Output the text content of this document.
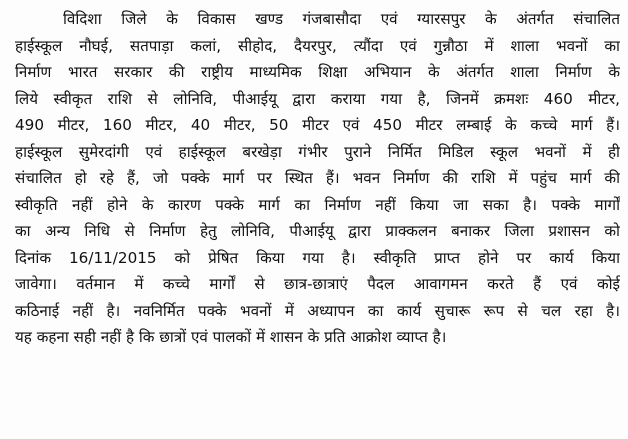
विदिशा जिले के विकास खण्ड गंजबासौदा एवं ग्यारसपुर के अंतर्गत संचालित
हाईस्कूल नौघई, सतपाड़ा कलां, सीहोद, दैयरपुर, त्यौंदा एवं गुन्नौठा में शाला भवनों का
निर्माण भारत सरकार की राष्ट्रीय माध्यमिक शिक्षा अभियान के अंतर्गत शाला निर्माण के
लिये स्वीकृत राशि से लोनिवि, पीआईयू द्वारा कराया गया है, जिनमें क्रमशः 460 मीटर,
490 मीटर, 160 मीटर, 40 मीटर, 50 मीटर एवं 450 मीटर लम्बाई के कच्चे मार्ग हैं।
हाईस्कूल सुमेरदांगी एवं हाईस्कूल बरखेड़ा गंभीर पुराने निर्मित मिडिल स्कूल भवनों में ही
संचालित हो रहे हैं, जो पक्के मार्ग पर स्थित हैं। भवन निर्माण की राशि में पहुंच मार्ग की
स्वीकृति नहीं होने के कारण पक्के मार्ग का निर्माण नहीं किया जा सका है। पक्के मार्गों
का अन्य निधि से निर्माण हेतु लोनिवि, पीआईयू द्वारा प्राक्कलन बनाकर जिला प्रशासन को
दिनांक 16/11/2015 को प्रेषित किया गया है। स्वीकृति प्राप्त होने पर कार्य किया
जावेगा। वर्तमान में कच्चे मार्गों से छात्र-छात्राएं पैदल आवागमन करते हैं एवं कोई
कठिनाई नहीं है। नवनिर्मित पक्के भवनों में अध्यापन का कार्य सुचारू रूप से चल रहा है।
यह कहना सही नहीं है कि छात्रों एवं पालकों में शासन के प्रति आक्रोश व्याप्त है।
